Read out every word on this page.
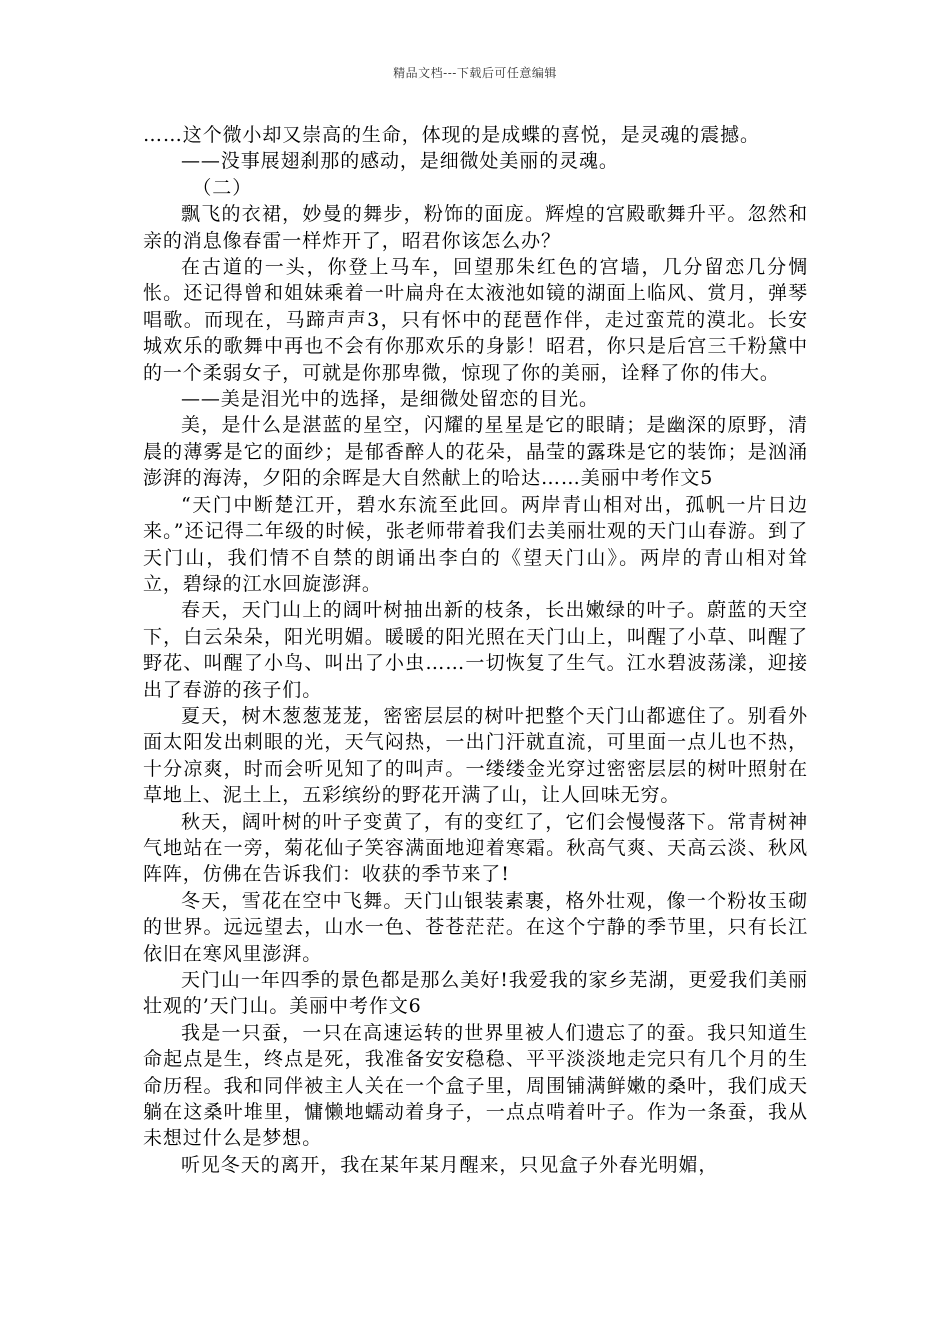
精品文档---下载后可任意编辑

……这个微小却又崇高的生命，体现的是成蝶的喜悦，是灵魂的震撼。

——没事展翅刹那的感动，是细微处美丽的灵魂。

（二）

飘飞的衣裙，妙曼的舞步，粉饰的面庞。辉煌的宫殿歌舞升平。忽然和亲的消息像春雷一样炸开了，昭君你该怎么办？

在古道的一头，你登上马车，回望那朱红色的宫墙，几分留恋几分惆怅。还记得曾和姐妹乘着一叶扁舟在太液池如镜的湖面上临风、赏月，弹琴唱歌。而现在，马蹄声声3，只有怀中的琵琶作伴，走过蛮荒的漠北。长安城欢乐的歌舞中再也不会有你那欢乐的身影！昭君，你只是后宫三千粉黛中的一个柔弱女子，可就是你那卑微，惊现了你的美丽，诠释了你的伟大。

——美是泪光中的选择，是细微处留恋的目光。

美，是什么是湛蓝的星空，闪耀的星星是它的眼睛；是幽深的原野，清晨的薄雾是它的面纱；是郁香醉人的花朵，晶莹的露珠是它的装饰；是汹涌澎湃的海涛，夕阳的余晖是大自然献上的哈达……美丽中考作文5

“天门中断楚江开，碧水东流至此回。两岸青山相对出，孤帆一片日边来。”还记得二年级的时候，张老师带着我们去美丽壮观的天门山春游。到了天门山，我们情不自禁的朗诵出李白的《望天门山》。两岸的青山相对耸立，碧绿的江水回旋澎湃。

春天，天门山上的阔叶树抽出新的枝条，长出嫩绿的叶子。蔚蓝的天空下，白云朵朵，阳光明媚。暖暖的阳光照在天门山上，叫醒了小草、叫醒了野花、叫醒了小鸟、叫出了小虫……一切恢复了生气。江水碧波荡漾，迎接出了春游的孩子们。

夏天，树木葱葱茏茏，密密层层的树叶把整个天门山都遮住了。别看外面太阳发出刺眼的光，天气闷热，一出门汗就直流，可里面一点儿也不热，十分凉爽，时而会听见知了的叫声。一缕缕金光穿过密密层层的树叶照射在草地上、泥土上，五彩缤纷的野花开满了山，让人回味无穷。

秋天，阔叶树的叶子变黄了，有的变红了，它们会慢慢落下。常青树神气地站在一旁，菊花仙子笑容满面地迎着寒霜。秋高气爽、天高云淡、秋风阵阵，仿佛在告诉我们：收获的季节来了!

冬天，雪花在空中飞舞。天门山银装素裹，格外壮观，像一个粉妆玉砌的世界。远远望去，山水一色、苍苍茫茫。在这个宁静的季节里，只有长江依旧在寒风里澎湃。

天门山一年四季的景色都是那么美好!我爱我的家乡芜湖，更爱我们美丽壮观的’天门山。美丽中考作文6

我是一只蚕，一只在高速运转的世界里被人们遗忘了的蚕。我只知道生命起点是生，终点是死，我准备安安稳稳、平平淡淡地走完只有几个月的生命历程。我和同伴被主人关在一个盒子里，周围铺满鲜嫩的桑叶，我们成天躺在这桑叶堆里，慵懒地蠕动着身子，一点点啃着叶子。作为一条蚕，我从未想过什么是梦想。

听见冬天的离开，我在某年某月醒来，只见盒子外春光明媚，
